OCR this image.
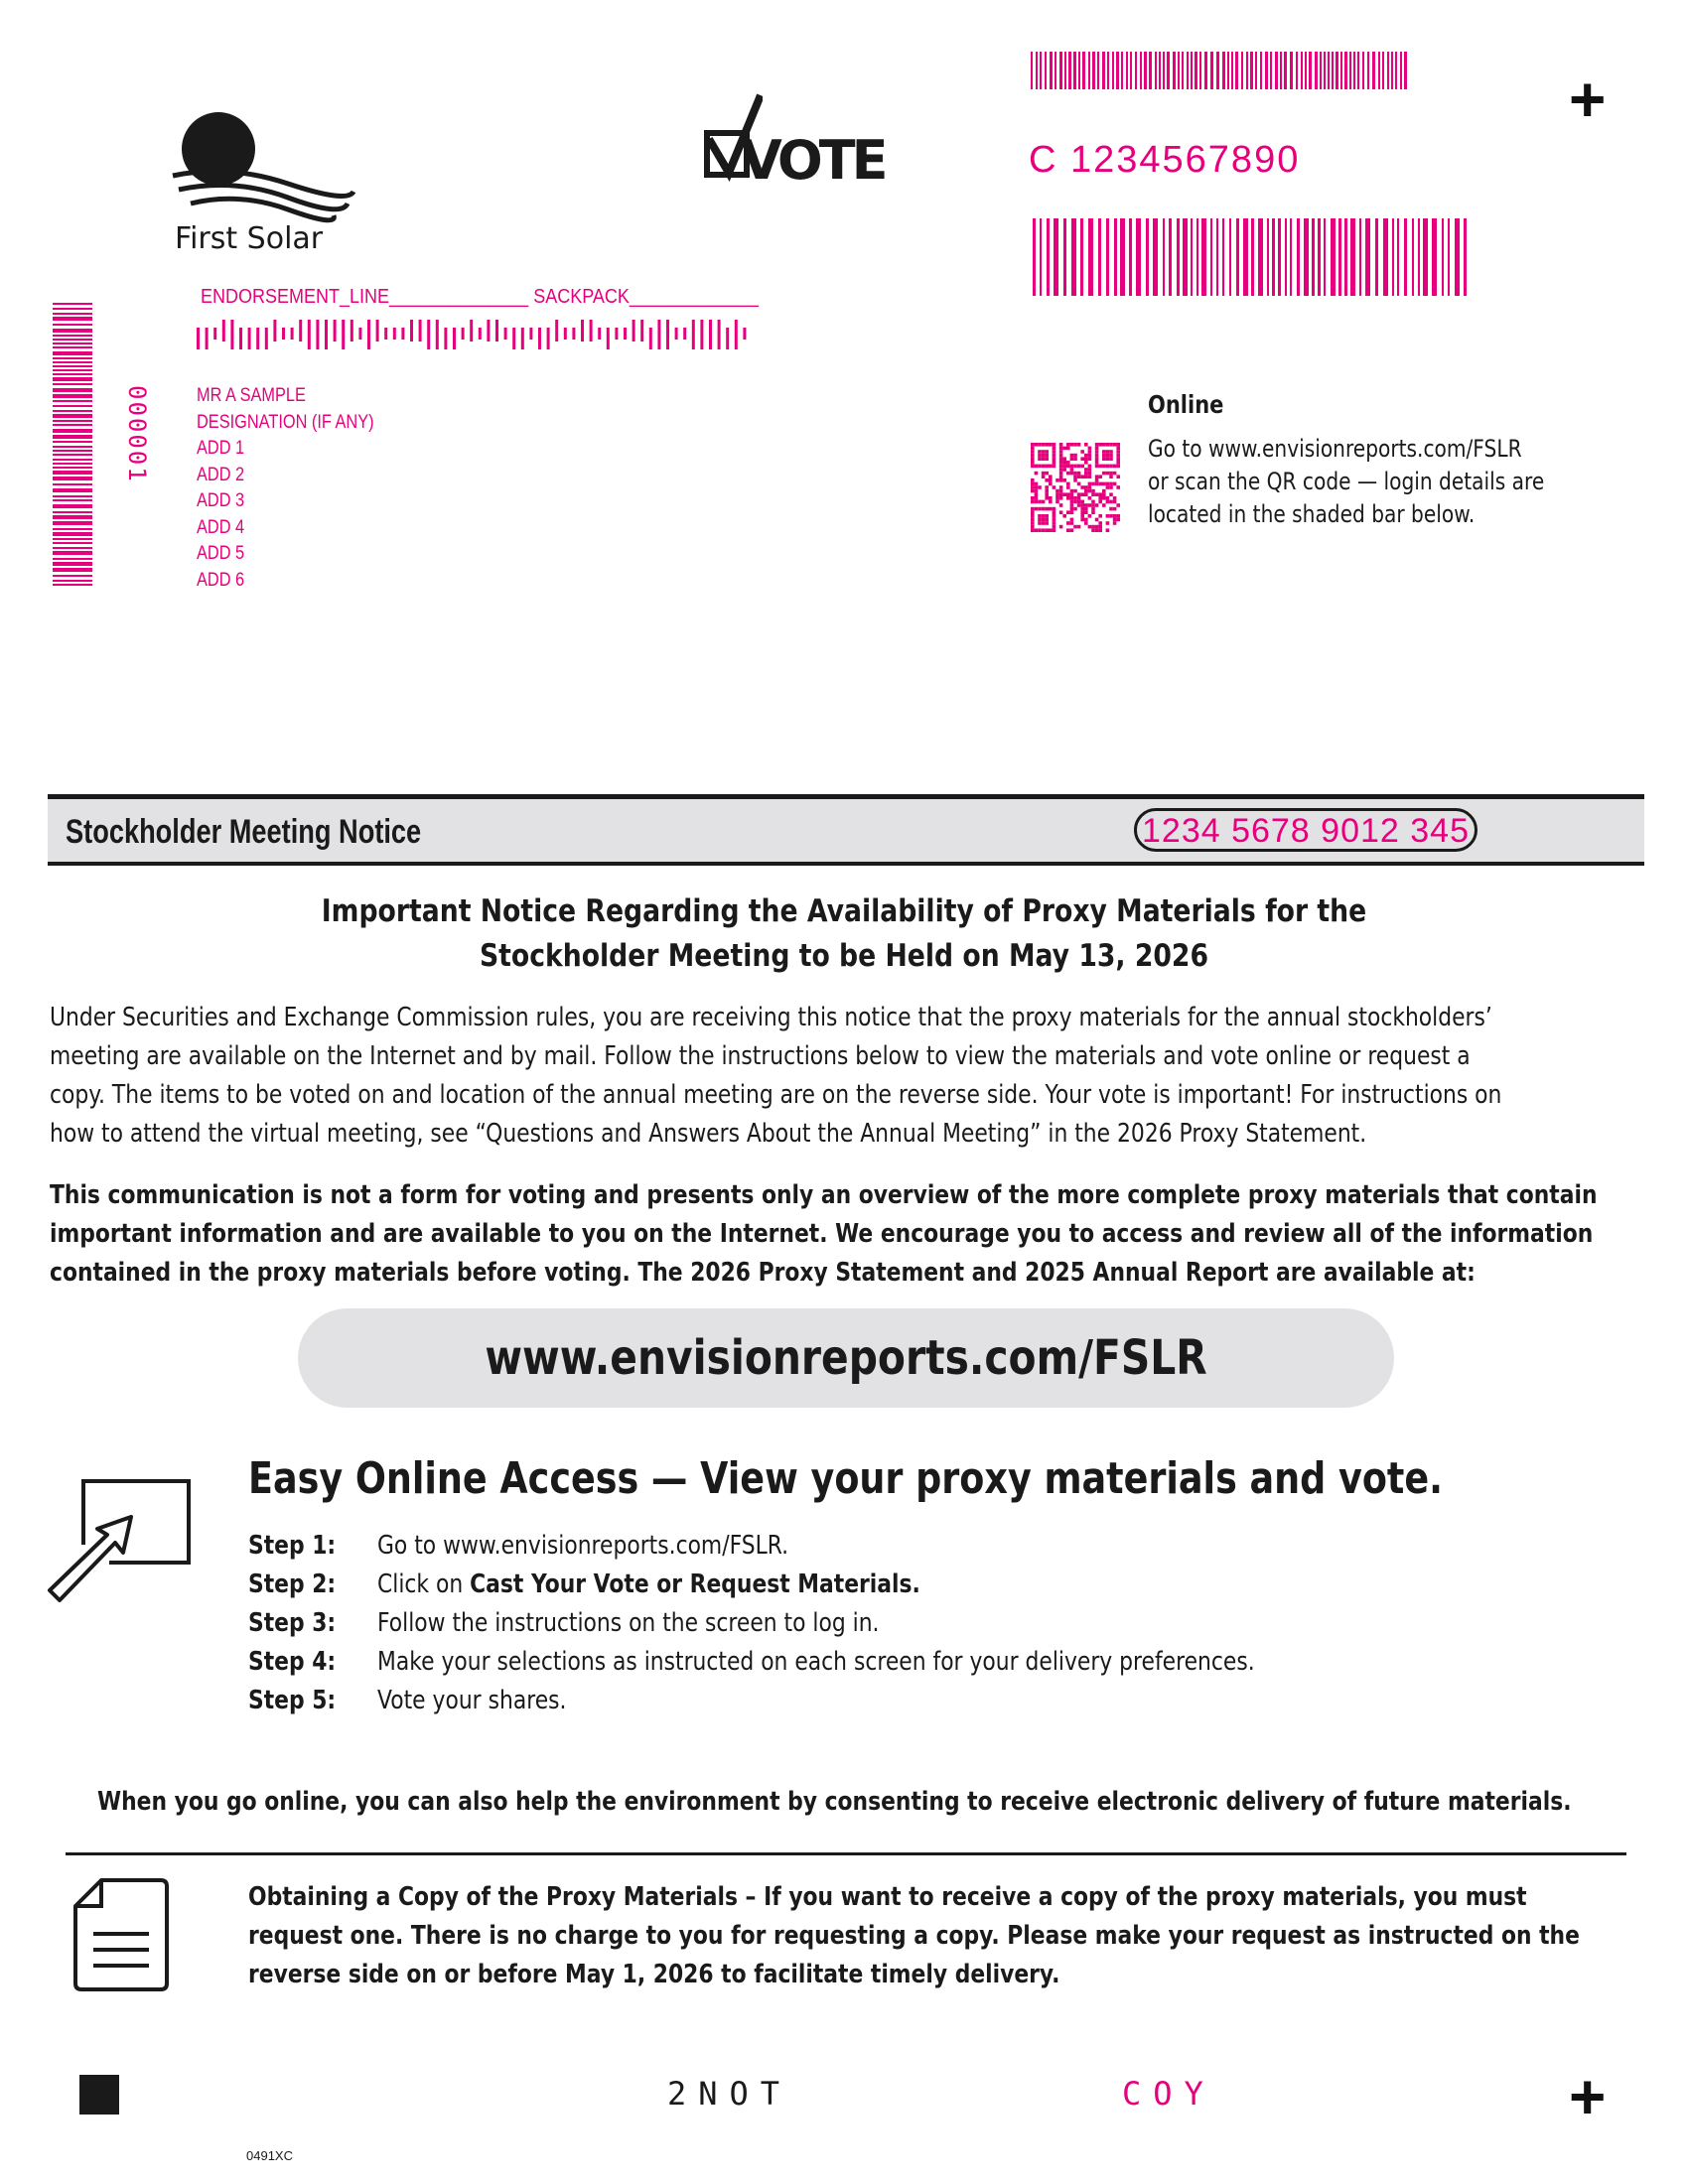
+
+
First Solar
VOTE	C 1234567890
ENDORSEMENT_LINE______________ SACKPACK_____________
000001 MR A SAMPLE
DESIGNATION (IF ANY)
ADD 1
ADD 2
ADD 3
ADD 4
ADD 5
ADD 6
Online
Go to www.envisionreports.com/FSLR
or scan the QR code — login details are
located in the shaded bar below.
Stockholder Meeting Notice	1234 5678 9012 345
Important Notice Regarding the Availability of Proxy Materials for the
Stockholder Meeting to be Held on May 13, 2026
Under Securities and Exchange Commission rules, you are receiving this notice that the proxy materials for the annual stockholders’
meeting are available on the Internet and by mail. Follow the instructions below to view the materials and vote online or request a
copy. The items to be voted on and location of the annual meeting are on the reverse side. Your vote is important! For instructions on
how to attend the virtual meeting, see “Questions and Answers About the Annual Meeting” in the 2026 Proxy Statement.
This communication is not a form for voting and presents only an overview of the more complete proxy materials that contain
important information and are available to you on the Internet. We encourage you to access and review all of the information
contained in the proxy materials before voting. The 2026 Proxy Statement and 2025 Annual Report are available at:
www.envisionreports.com/FSLR
Easy Online Access — View your proxy materials and vote.
Step 1: Go to www.envisionreports.com/FSLR.
Step 2: Click on Cast Your Vote or Request Materials.
Step 3: Follow the instructions on the screen to log in.
Step 4: Make your selections as instructed on each screen for your delivery preferences.
Step 5: Vote your shares.
When you go online, you can also help the environment by consenting to receive electronic delivery of future materials.
Obtaining a Copy of the Proxy Materials – If you want to receive a copy of the proxy materials, you must
request one. There is no charge to you for requesting a copy. Please make your request as instructed on the
reverse side on or before May 1, 2026 to facilitate timely delivery.
2NOT	COY
0491XC
